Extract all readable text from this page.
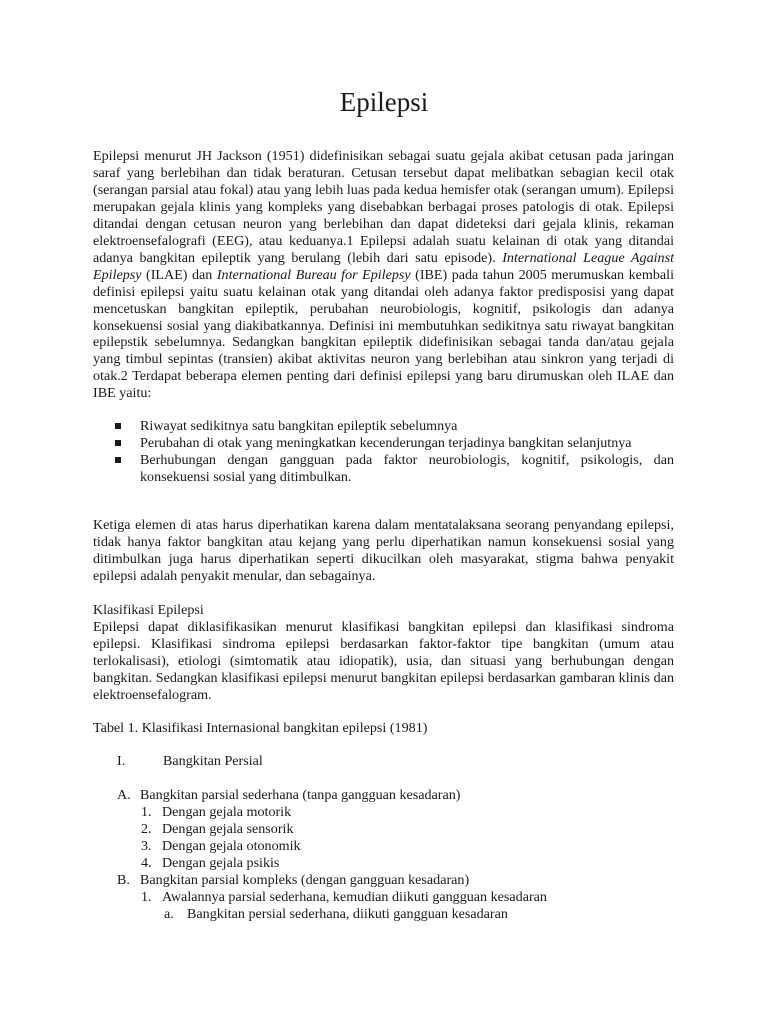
Epilepsi
Epilepsi menurut JH Jackson (1951) didefinisikan sebagai suatu gejala akibat cetusan pada jaringan saraf yang berlebihan dan tidak beraturan. Cetusan tersebut dapat melibatkan sebagian kecil otak (serangan parsial atau fokal) atau yang lebih luas pada kedua hemisfer otak (serangan umum). Epilepsi merupakan gejala klinis yang kompleks yang disebabkan berbagai proses patologis di otak. Epilepsi ditandai dengan cetusan neuron yang berlebihan dan dapat dideteksi dari gejala klinis, rekaman elektroensefalografi (EEG), atau keduanya.1 Epilepsi adalah suatu kelainan di otak yang ditandai adanya bangkitan epileptik yang berulang (lebih dari satu episode). International League Against Epilepsy (ILAE) dan International Bureau for Epilepsy (IBE) pada tahun 2005 merumuskan kembali definisi epilepsi yaitu suatu kelainan otak yang ditandai oleh adanya faktor predisposisi yang dapat mencetuskan bangkitan epileptik, perubahan neurobiologis, kognitif, psikologis dan adanya konsekuensi sosial yang diakibatkannya. Definisi ini membutuhkan sedikitnya satu riwayat bangkitan epilepstik sebelumnya. Sedangkan bangkitan epileptik didefinisikan sebagai tanda dan/atau gejala yang timbul sepintas (transien) akibat aktivitas neuron yang berlebihan atau sinkron yang terjadi di otak.2 Terdapat beberapa elemen penting dari definisi epilepsi yang baru dirumuskan oleh ILAE dan IBE yaitu:
Riwayat sedikitnya satu bangkitan epileptik sebelumnya
Perubahan di otak yang meningkatkan kecenderungan terjadinya bangkitan selanjutnya
Berhubungan dengan gangguan pada faktor neurobiologis, kognitif, psikologis, dan konsekuensi sosial yang ditimbulkan.
Ketiga elemen di atas harus diperhatikan karena dalam mentatalaksana seorang penyandang epilepsi, tidak hanya faktor bangkitan atau kejang yang perlu diperhatikan namun konsekuensi sosial yang ditimbulkan juga harus diperhatikan seperti dikucilkan oleh masyarakat, stigma bahwa penyakit epilepsi adalah penyakit menular, dan sebagainya.
Klasifikasi Epilepsi
Epilepsi dapat diklasifikasikan menurut klasifikasi bangkitan epilepsi dan klasifikasi sindroma epilepsi. Klasifikasi sindroma epilepsi berdasarkan faktor-faktor tipe bangkitan (umum atau terlokalisasi), etiologi (simtomatik atau idiopatik), usia, dan situasi yang berhubungan dengan bangkitan. Sedangkan klasifikasi epilepsi menurut bangkitan epilepsi berdasarkan gambaran klinis dan elektroensefalogram.
Tabel 1. Klasifikasi Internasional bangkitan epilepsi (1981)
I.	Bangkitan Persial
A. Bangkitan parsial sederhana (tanpa gangguan kesadaran)
1. Dengan gejala motorik
2. Dengan gejala sensorik
3. Dengan gejala otonomik
4. Dengan gejala psikis
B. Bangkitan parsial kompleks (dengan gangguan kesadaran)
1. Awalannya parsial sederhana, kemudian diikuti gangguan kesadaran
a. Bangkitan persial sederhana, diikuti gangguan kesadaran
